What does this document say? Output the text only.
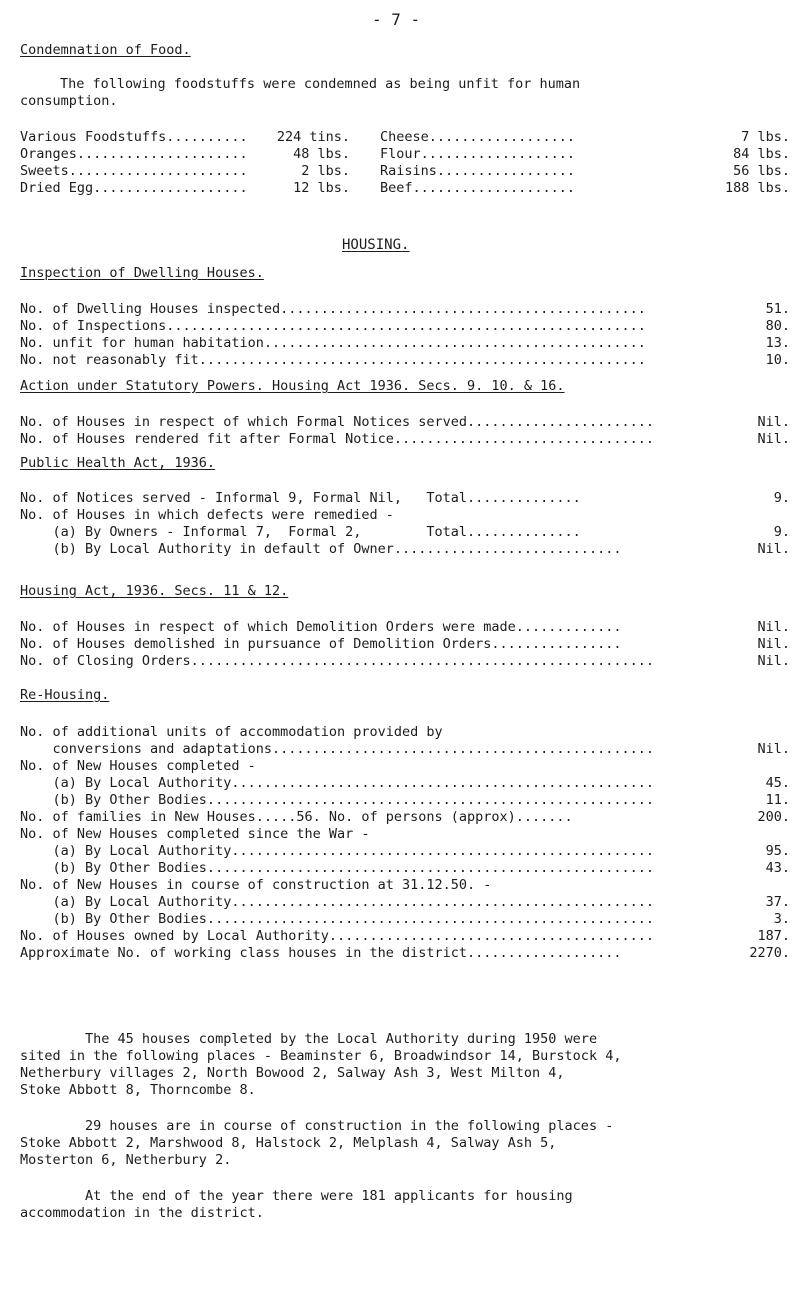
- 7 -
Condemnation of Food.
The following foodstuffs were condemned as being unfit for human
consumption.
Various Foodstuffs.......... 224 tins.
Oranges.....................	48 lbs.
Sweets......................	2 lbs.
Dried Egg...................	12 lbs.
Cheese..................	7 lbs.
Flour...................	84 lbs.
Raisins.................	56 lbs.
Beef....................	188 lbs.
HOUSING.
Inspection of Dwelling Houses.
No. of Dwelling Houses inspected.............................................	51.
No. of Inspections...........................................................	80.
No. unfit for human habitation...............................................	13.
No. not reasonably fit.......................................................	10.
Action under Statutory Powers. Housing Act 1936. Secs. 9. 10. & 16.
No. of Houses in respect of which Formal Notices served.......................	Nil.
No. of Houses rendered fit after Formal Notice................................	Nil.
Public Health Act, 1936.
No. of Notices served - Informal 9, Formal Nil,   Total..............	9.
No. of Houses in which defects were remedied -
(a) By Owners - Informal 7,  Formal 2,        Total..............	9.
(b) By Local Authority in default of Owner............................	Nil.
Housing Act, 1936. Secs. 11 & 12.
No. of Houses in respect of which Demolition Orders were made.............	Nil.
No. of Houses demolished in pursuance of Demolition Orders................	Nil.
No. of Closing Orders.........................................................	Nil.
Re-Housing.
No. of additional units of accommodation provided by
conversions and adaptations...............................................	Nil.
No. of New Houses completed -
(a) By Local Authority....................................................	45.
(b) By Other Bodies.......................................................	11.
No. of families in New Houses.....56. No. of persons (approx).......	200.
No. of New Houses completed since the War -
(a) By Local Authority....................................................	95.
(b) By Other Bodies.......................................................	43.
No. of New Houses in course of construction at 31.12.50. -
(a) By Local Authority....................................................	37.
(b) By Other Bodies.......................................................	3.
No. of Houses owned by Local Authority........................................	187.
Approximate No. of working class houses in the district...................	2270.
The 45 houses completed by the Local Authority during 1950 were
sited in the following places - Beaminster 6, Broadwindsor 14, Burstock 4,
Netherbury villages 2, North Bowood 2, Salway Ash 3, West Milton 4,
Stoke Abbott 8, Thorncombe 8.
29 houses are in course of construction in the following places -
Stoke Abbott 2, Marshwood 8, Halstock 2, Melplash 4, Salway Ash 5,
Mosterton 6, Netherbury 2.
At the end of the year there were 181 applicants for housing
accommodation in the district.
